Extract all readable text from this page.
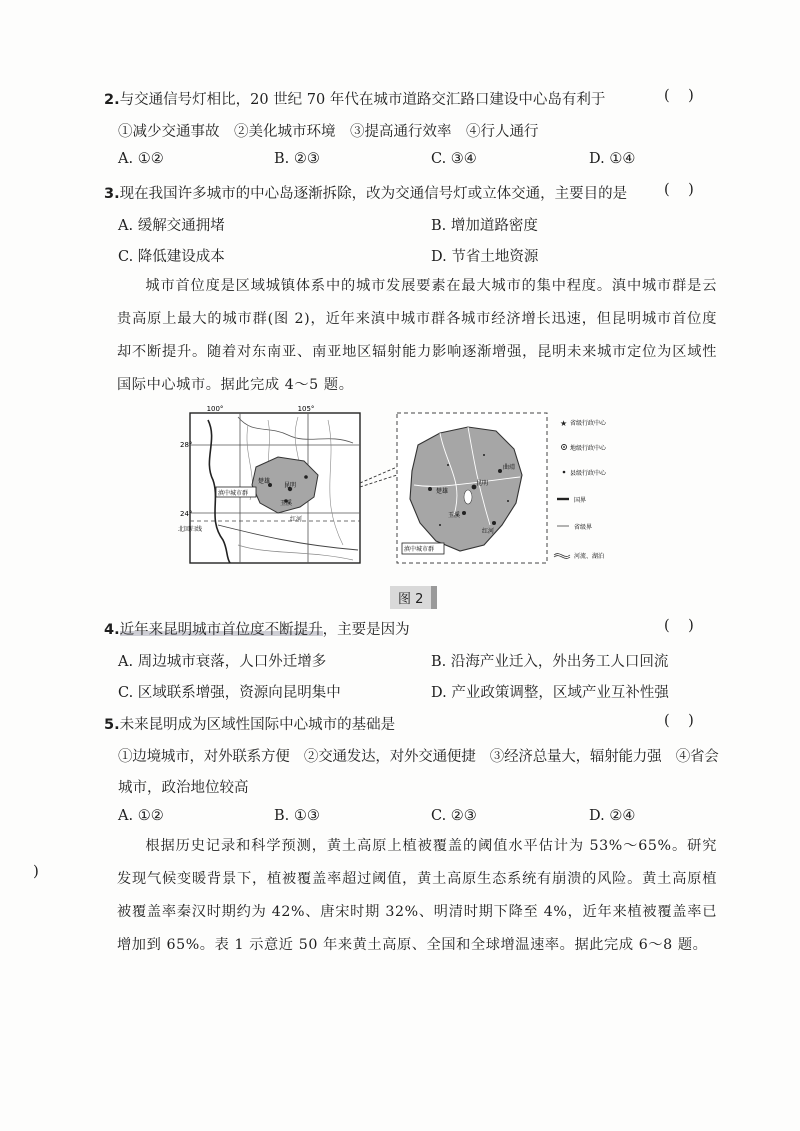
2.与交通信号灯相比，20 世纪 70 年代在城市道路交汇路口建设中心岛有利于	(    )
①减少交通事故　②美化城市环境　③提高通行效率　④行人通行
A. ①②	B. ②③	C. ③④	D. ①④
3.现在我国许多城市的中心岛逐渐拆除，改为交通信号灯或立体交通，主要目的是	(    )
A. 缓解交通拥堵	B. 增加道路密度
C. 降低建设成本	D. 节省土地资源
城市首位度是区域城镇体系中的城市发展要素在最大城市的集中程度。滇中城市群是云贵高原上最大的城市群(图 2)，近年来滇中城市群各城市经济增长迅速，但昆明城市首位度却不断提升。随着对东南亚、南亚地区辐射能力影响逐渐增强，昆明未来城市定位为区域性国际中心城市。据此完成 4～5 题。
100°	105°
28°
24°
北回归线
楚雄
昆明
玉溪
红河
滇中城市群	楚雄
昆明
玉溪
曲靖
红河
滇中城市群
★ 省级行政中心
地级行政中心
县级行政中心
国界
省级界
河流、湖泊
图 2
4.近年来昆明城市首位度不断提升，主要是因为	(    )
A. 周边城市衰落，人口外迁增多	B. 沿海产业迁入，外出务工人口回流
C. 区域联系增强，资源向昆明集中	D. 产业政策调整，区域产业互补性强
5.未来昆明成为区域性国际中心城市的基础是	(    )
①边境城市，对外联系方便　②交通发达，对外交通便捷　③经济总量大，辐射能力强　④省会
城市，政治地位较高
A. ①②	B. ①③	C. ②③	D. ②④
根据历史记录和科学预测，黄土高原上植被覆盖的阈值水平估计为 53%～65%。研究发现气候变暖背景下，植被覆盖率超过阈值，黄土高原生态系统有崩溃的风险。黄土高原植被覆盖率秦汉时期约为 42%、唐宋时期 32%、明清时期下降至 4%，近年来植被覆盖率已增加到 65%。表 1 示意近 50 年来黄土高原、全国和全球增温速率。据此完成 6～8 题。
)
